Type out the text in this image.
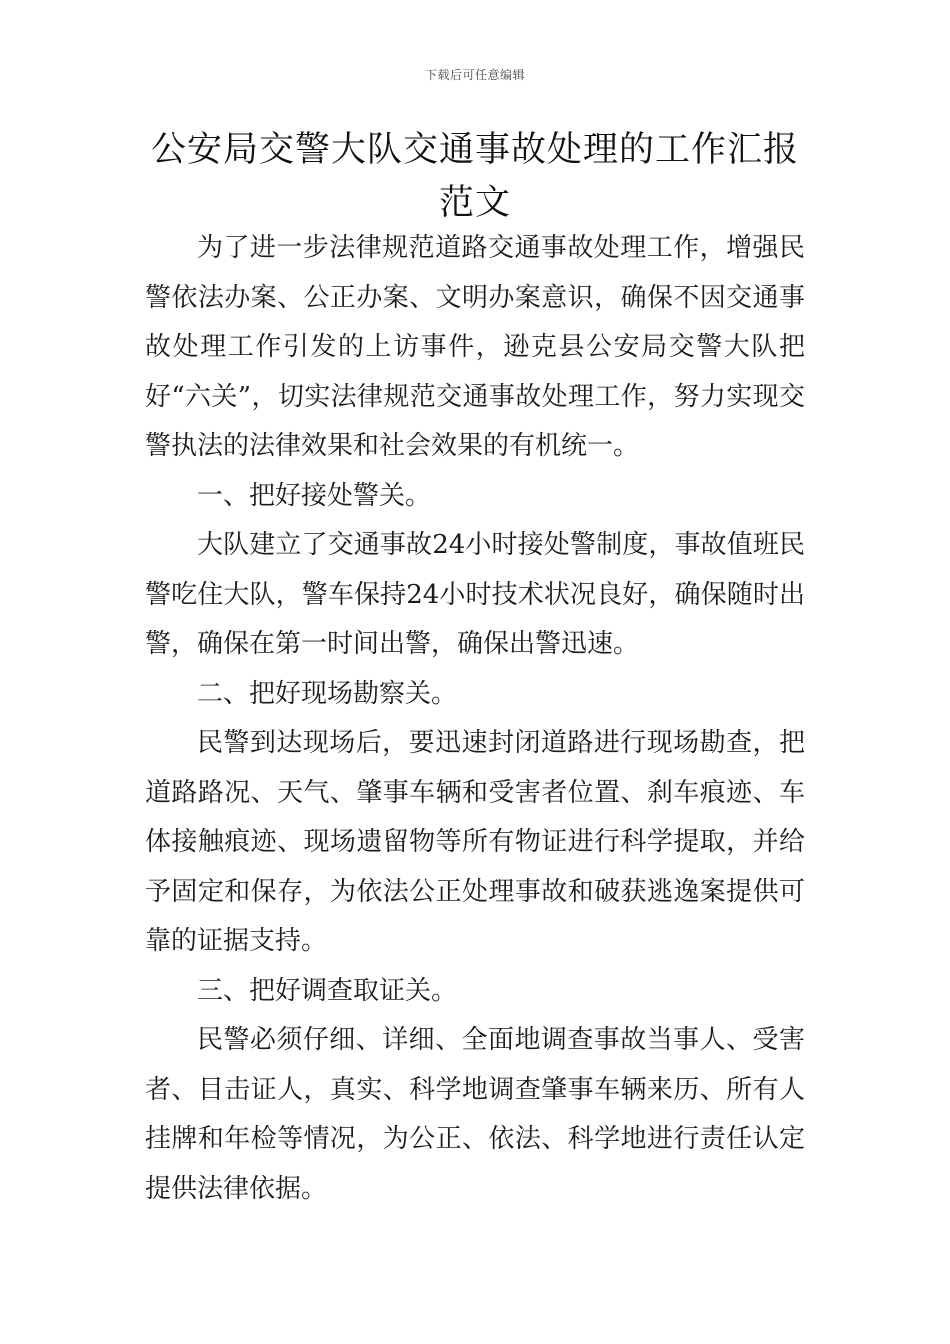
下载后可任意编辑
公安局交警大队交通事故处理的工作汇报范文

为了进一步法律规范道路交通事故处理工作，增强民警依法办案、公正办案、文明办案意识，确保不因交通事故处理工作引发的上访事件，逊克县公安局交警大队把好“六关”，切实法律规范交通事故处理工作，努力实现交警执法的法律效果和社会效果的有机统一。

一、把好接处警关。

大队建立了交通事故24小时接处警制度，事故值班民警吃住大队，警车保持24小时技术状况良好，确保随时出警，确保在第一时间出警，确保出警迅速。

二、把好现场勘察关。

民警到达现场后，要迅速封闭道路进行现场勘查，把道路路况、天气、肇事车辆和受害者位置、刹车痕迹、车体接触痕迹、现场遗留物等所有物证进行科学提取，并给予固定和保存，为依法公正处理事故和破获逃逸案提供可靠的证据支持。

三、把好调查取证关。

民警必须仔细、详细、全面地调查事故当事人、受害者、目击证人，真实、科学地调查肇事车辆来历、所有人挂牌和年检等情况，为公正、依法、科学地进行责任认定提供法律依据。
